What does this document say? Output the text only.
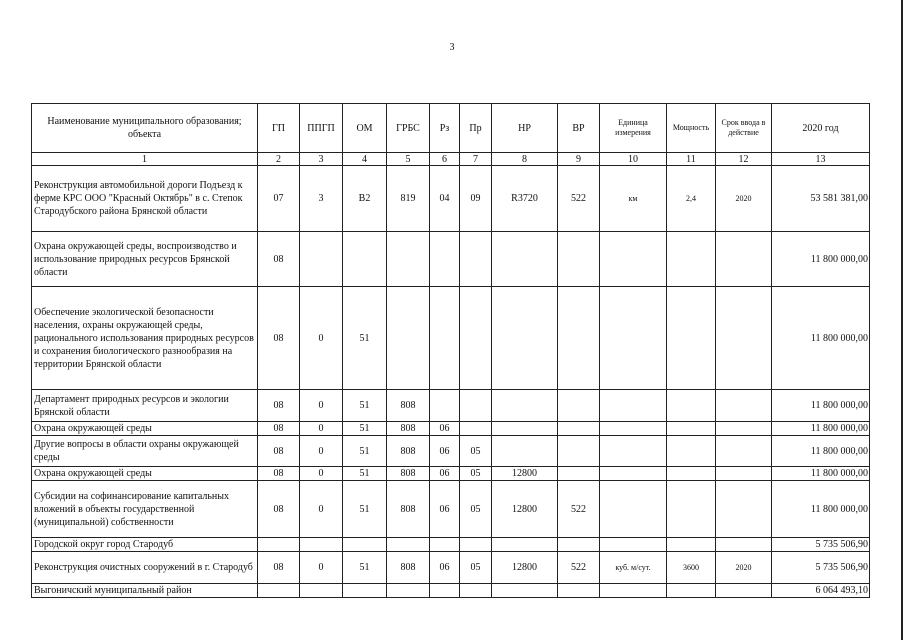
3
Наименование муниципального образования; объекта	ГП	ППГП	ОМ	ГРБС	Рз	Пр	НР	ВР	Единица измерения	Мощность	Срок ввода в действие	2020 год
1	2	3	4	5	6	7	8	9	10	11	12	13
Реконструкция автомобильной дороги Подъезд к ферме КРС ООО "Красный Октябрь" в с. Степок Стародубского района Брянской области	07	3	В2	819	04	09	R3720	522	км	2,4	2020	53 581 381,00
Охрана окружающей среды, воспроизводство и использование природных ресурсов Брянской области	08											11 800 000,00
Обеспечение экологической безопасности населения, охраны окружающей среды, рационального использования природных ресурсов и сохранения биологического разнообразия на территории Брянской области	08	0	51									11 800 000,00
Департамент природных ресурсов и экологии Брянской области	08	0	51	808								11 800 000,00
Охрана окружающей среды	08	0	51	808	06							11 800 000,00
Другие вопросы в области охраны окружающей среды	08	0	51	808	06	05						11 800 000,00
Охрана окружающей среды	08	0	51	808	06	05	12800					11 800 000,00
Субсидии на софинансирование капитальных вложений в объекты государственной (муниципальной) собственности	08	0	51	808	06	05	12800	522				11 800 000,00
Городской округ город Стародуб												5 735 506,90
Реконструкция очистных сооружений в г. Стародуб	08	0	51	808	06	05	12800	522	куб. м/сут.	3600	2020	5 735 506,90
Выгоничский муниципальный район												6 064 493,10
